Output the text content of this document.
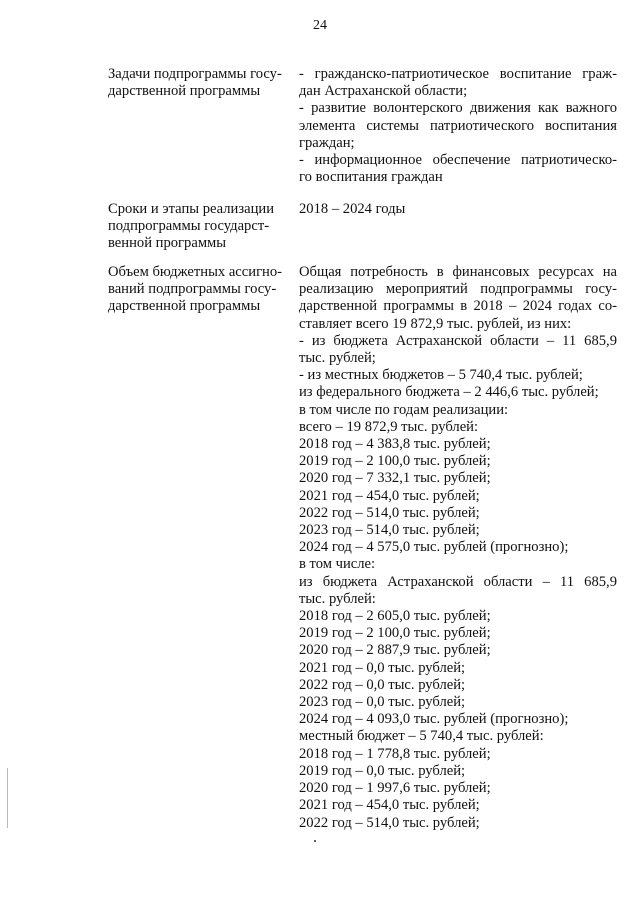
24
Задачи подпрограммы госу-
дарственной программы
- гражданско-патриотическое воспитание граж-
дан Астраханской области;
- развитие волонтерского движения как важного
элемента системы патриотического воспитания
граждан;
- информационное обеспечение патриотическо-
го воспитания граждан
Сроки и этапы реализации
подпрограммы государст-
венной программы
2018 – 2024 годы
Объем бюджетных ассигно-
ваний подпрограммы госу-
дарственной программы
Общая потребность в финансовых ресурсах на
реализацию мероприятий подпрограммы госу-
дарственной программы в 2018 – 2024 годах со-
ставляет всего 19 872,9 тыс. рублей, из них:
- из бюджета Астраханской области – 11 685,9
тыс. рублей;
- из местных бюджетов – 5 740,4 тыс. рублей;
из федерального бюджета – 2 446,6 тыс. рублей;
в том числе по годам реализации:
всего – 19 872,9 тыс. рублей:
2018 год – 4 383,8 тыс. рублей;
2019 год – 2 100,0 тыс. рублей;
2020 год – 7 332,1 тыс. рублей;
2021 год – 454,0 тыс. рублей;
2022 год – 514,0 тыс. рублей;
2023 год – 514,0 тыс. рублей;
2024 год – 4 575,0 тыс. рублей (прогнозно);
в том числе:
из бюджета Астраханской области – 11 685,9
тыс. рублей:
2018 год – 2 605,0 тыс. рублей;
2019 год – 2 100,0 тыс. рублей;
2020 год – 2 887,9 тыс. рублей;
2021 год – 0,0 тыс. рублей;
2022 год – 0,0 тыс. рублей;
2023 год – 0,0 тыс. рублей;
2024 год – 4 093,0 тыс. рублей (прогнозно);
местный бюджет – 5 740,4 тыс. рублей:
2018 год – 1 778,8 тыс. рублей;
2019 год – 0,0 тыс. рублей;
2020 год – 1 997,6 тыс. рублей;
2021 год – 454,0 тыс. рублей;
2022 год – 514,0 тыс. рублей;
